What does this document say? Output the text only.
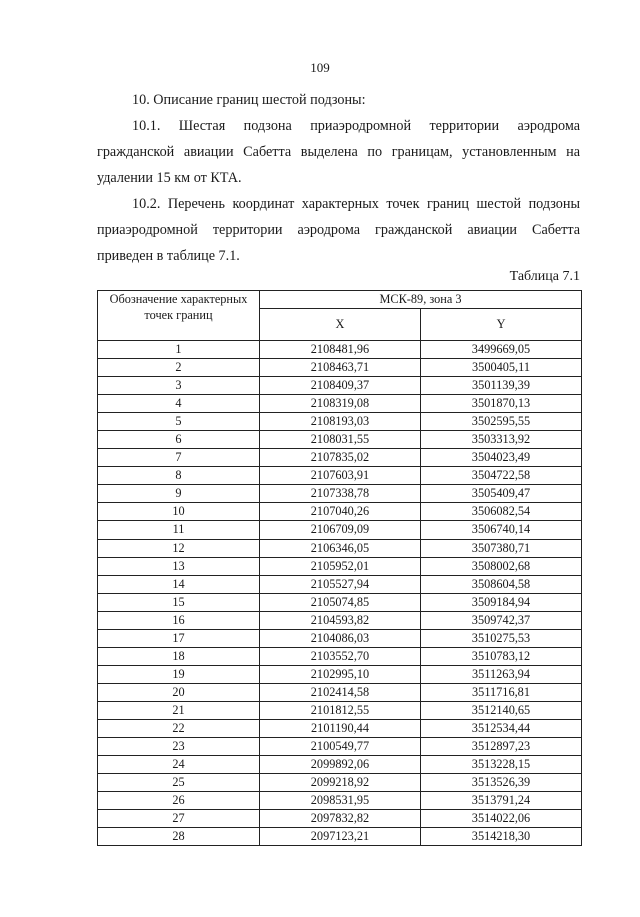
109
10. Описание границ шестой подзоны:
10.1. Шестая подзона приаэродромной территории аэродрома гражданской авиации Сабетта выделена по границам, установленным на удалении 15 км от КТА.
10.2. Перечень координат характерных точек границ шестой подзоны приаэродромной территории аэродрома гражданской авиации Сабетта приведен в таблице 7.1.
Таблица 7.1
Обозначение характерных точек границ	МСК-89, зона 3	
	X	Y
1	2108481,96	3499669,05
2	2108463,71	3500405,11
3	2108409,37	3501139,39
4	2108319,08	3501870,13
5	2108193,03	3502595,55
6	2108031,55	3503313,92
7	2107835,02	3504023,49
8	2107603,91	3504722,58
9	2107338,78	3505409,47
10	2107040,26	3506082,54
11	2106709,09	3506740,14
12	2106346,05	3507380,71
13	2105952,01	3508002,68
14	2105527,94	3508604,58
15	2105074,85	3509184,94
16	2104593,82	3509742,37
17	2104086,03	3510275,53
18	2103552,70	3510783,12
19	2102995,10	3511263,94
20	2102414,58	3511716,81
21	2101812,55	3512140,65
22	2101190,44	3512534,44
23	2100549,77	3512897,23
24	2099892,06	3513228,15
25	2099218,92	3513526,39
26	2098531,95	3513791,24
27	2097832,82	3514022,06
28	2097123,21	3514218,30
